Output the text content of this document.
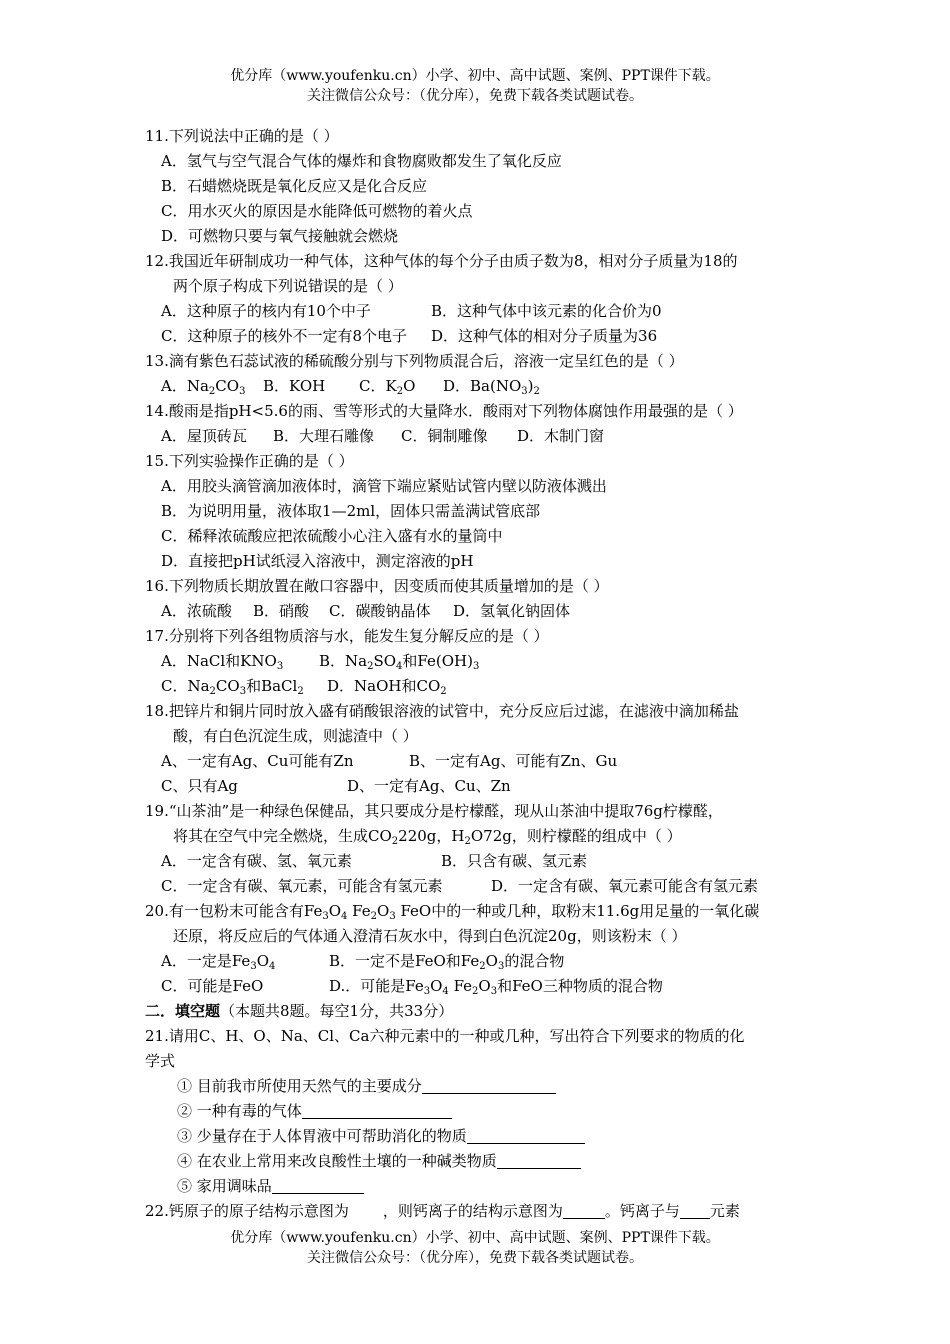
优分库（www.youfenku.cn）小学、初中、高中试题、案例、PPT课件下载。
关注微信公众号：（优分库），免费下载各类试题试卷。
11.下列说法中正确的是（ ）
A．氢气与空气混合气体的爆炸和食物腐败都发生了氧化反应
B．石蜡燃烧既是氧化反应又是化合反应
C．用水灭火的原因是水能降低可燃物的着火点
D．可燃物只要与氧气接触就会燃烧
12.我国近年研制成功一种气体，这种气体的每个分子由质子数为8，相对分子质量为18的
两个原子构成下列说错误的是（ ）
A．这种原子的核内有10个中子	B．这种气体中该元素的化合价为0
C．这种原子的核外不一定有8个电子 D．这种气体的相对分子质量为36
13.滴有紫色石蕊试液的稀硫酸分别与下列物质混合后，溶液一定呈红色的是（ ）
A．$Na_2CO_3$ B．KOH C．$K_2O$ D．$Ba(NO_3)_2$
14.酸雨是指pH<5.6的雨、雪等形式的大量降水．酸雨对下列物体腐蚀作用最强的是（ ）
A．屋顶砖瓦 B．大理石雕像 C．铜制雕像 D．木制门窗
15.下列实验操作正确的是（ ）
A．用胶头滴管滴加液体时，滴管下端应紧贴试管内壁以防液体溅出
B．为说明用量，液体取1—2ml，固体只需盖满试管底部
C．稀释浓硫酸应把浓硫酸小心注入盛有水的量筒中
D．直接把pH试纸浸入溶液中，测定溶液的pH
16.下列物质长期放置在敞口容器中，因变质而使其质量增加的是（ ）
A．浓硫酸 B．硝酸 C．碳酸钠晶体 D．氢氧化钠固体
17.分别将下列各组物质溶与水，能发生复分解反应的是（ ）
A．NaCl和$KNO_3$ B．$Na_2SO_4$和$Fe(OH)_3$
C．$Na_2CO_3$和BaCl$_2$ D．NaOH和$CO_2$
18.把锌片和铜片同时放入盛有硝酸银溶液的试管中，充分反应后过滤，在滤液中滴加稀盐
酸，有白色沉淀生成，则滤渣中（ ）
A、一定有Ag、Cu可能有Zn	B、一定有Ag、可能有Zn、Gu
C、只有Ag	D、一定有Ag、Cu、Zn
19.“山茶油”是一种绿色保健品，其只要成分是柠檬醛，现从山茶油中提取76g柠檬醛，
将其在空气中完全燃烧，生成$CO_2220g$，$H_2O72g$，则柠檬醛的组成中（ ）
A．一定含有碳、氢、氧元素	B．只含有碳、氢元素
C．一定含有碳、氧元素，可能含有氢元素	D．一定含有碳、氧元素可能含有氢元素
20.有一包粉末可能含有$Fe_3O_4$ $Fe_2O_3$ FeO中的一种或几种，取粉末11.6g用足量的一氧化碳
还原，将反应后的气体通入澄清石灰水中，得到白色沉淀20g，则该粉末（ ）
A．一定是$Fe_3O_4$	B．一定不是FeO和$Fe_2O_3$的混合物
C．可能是FeO	D.．可能是$Fe_3O_4$ $Fe_2O_3$和FeO三种物质的混合物
二．填空题（本题共8题。每空1分，共33分）
21.请用C、H、O、Na、Cl、Ca六种元素中的一种或几种，写出符合下列要求的物质的化
学式
① 目前我市所使用天然气的主要成分
② 一种有毒的气体
③ 少量存在于人体胃液中可帮助消化的物质
④ 在农业上常用来改良酸性土壤的一种碱类物质
⑤ 家用调味品
22.钙原子的原子结构示意图为 ，则钙离子的结构示意图为	。钙离子与 元素
优分库（www.youfenku.cn）小学、初中、高中试题、案例、PPT课件下载。
关注微信公众号：（优分库），免费下载各类试题试卷。
